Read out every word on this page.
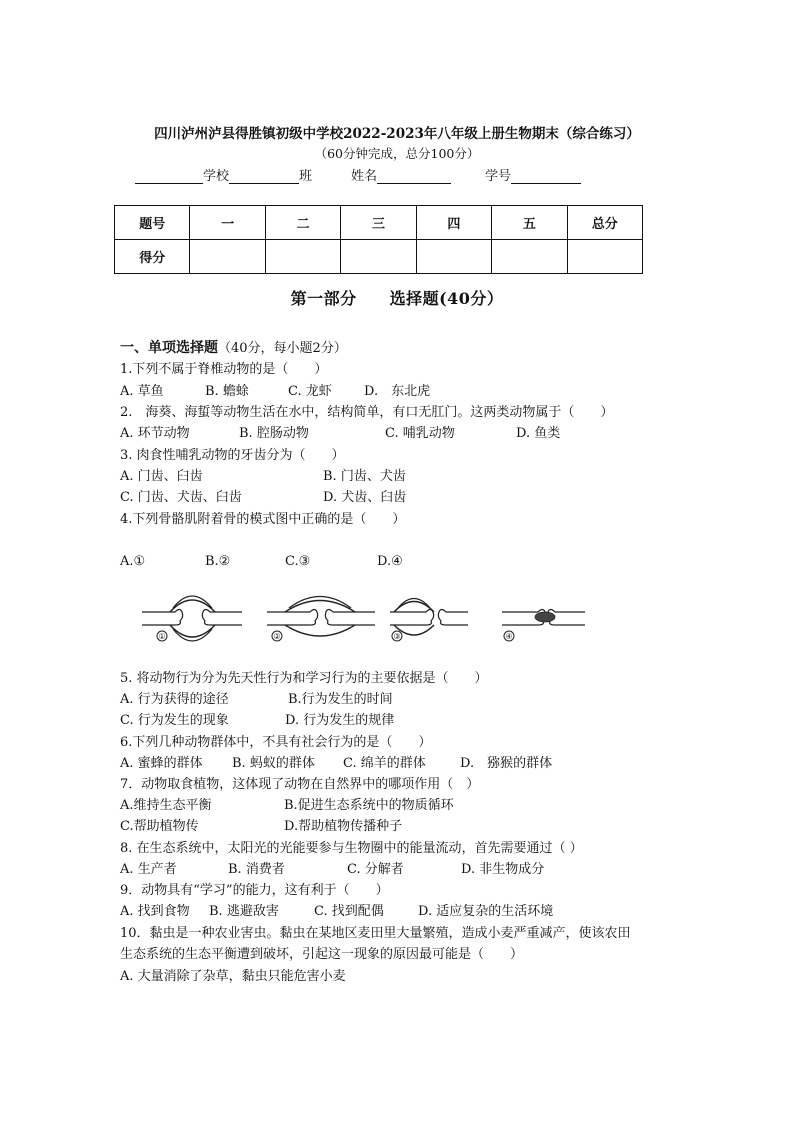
四川泸州泸县得胜镇初级中学校2022-2023年八年级上册生物期末（综合练习）
（60分钟完成，总分100分）
学校	班	姓名	学号
题号	一	二	三	四	五	总分
得分						
第一部分　　选择题(40分）
一、单项选择题（40分，每小题2分）
1.下列不属于脊椎动物的是（　　）
A. 草鱼	B. 蟾蜍	C. 龙虾 D.　东北虎
2.　海葵、海蜇等动物生活在水中，结构简单，有口无肛门。这两类动物属于（　　）
A. 环节动物	B. 腔肠动物	C. 哺乳动物	D. 鱼类
3. 肉食性哺乳动物的牙齿分为（　　）
A. 门齿、臼齿	B. 门齿、犬齿
C. 门齿、犬齿、臼齿	D. 犬齿、臼齿
4.下列骨骼肌附着骨的模式图中正确的是（　　）
A.①	B.②	C.③	D.④
①	②	③	④
5. 将动物行为分为先天性行为和学习行为的主要依据是（　　）
A. 行为获得的途径	B.行为发生的时间
C. 行为发生的现象	D. 行为发生的规律
6.下列几种动物群体中，不具有社会行为的是（　　）
A. 蜜蜂的群体 B. 蚂蚁的群体 C. 绵羊的群体	D.　猕猴的群体
7．动物取食植物，这体现了动物在自然界中的哪项作用（　）
A.维持生态平衡	B.促进生态系统中的物质循环
C.帮助植物传	D.帮助植物传播种子
8. 在生态系统中，太阳光的光能要参与生物圈中的能量流动，首先需要通过（ ）
A. 生产者	B. 消费者	C. 分解者	D. 非生物成分
9．动物具有“学习”的能力，这有利于（　　）
A. 找到食物 B. 逃避敌害	C. 找到配偶	D. 适应复杂的生活环境
10．黏虫是一种农业害虫。黏虫在某地区麦田里大量繁殖，造成小麦严重减产，使该农田
生态系统的生态平衡遭到破坏，引起这一现象的原因最可能是（　　）
A. 大量消除了杂草，黏虫只能危害小麦
